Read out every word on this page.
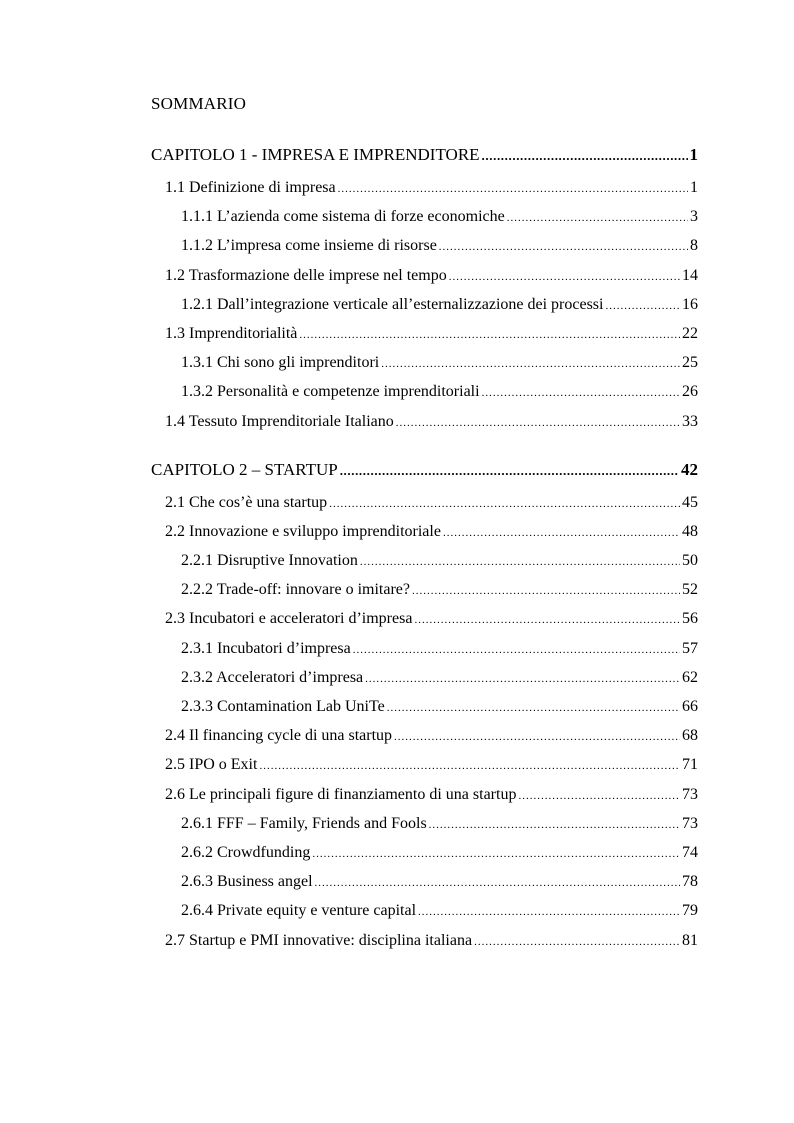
SOMMARIO
CAPITOLO 1 - IMPRESA E IMPRENDITORE .....	1
1.1 Definizione di impresa .....	1
1.1.1 L’azienda come sistema di forze economiche .....	3
1.1.2 L’impresa come insieme di risorse .....	8
1.2 Trasformazione delle imprese nel tempo .....	14
1.2.1 Dall’integrazione verticale all’esternalizzazione dei processi .....	16
1.3 Imprenditorialità .....	22
1.3.1 Chi sono gli imprenditori .....	25
1.3.2 Personalità e competenze imprenditoriali .....	26
1.4 Tessuto Imprenditoriale Italiano .....	33
CAPITOLO 2 – STARTUP .....	42
2.1 Che cos’è una startup .....	45
2.2 Innovazione e sviluppo imprenditoriale .....	48
2.2.1 Disruptive Innovation .....	50
2.2.2 Trade-off: innovare o imitare? .....	52
2.3 Incubatori e acceleratori d’impresa .....	56
2.3.1 Incubatori d’impresa .....	57
2.3.2 Acceleratori d’impresa .....	62
2.3.3 Contamination Lab UniTe .....	66
2.4 Il financing cycle di una startup .....	68
2.5 IPO o Exit .....	71
2.6 Le principali figure di finanziamento di una startup .....	73
2.6.1 FFF – Family, Friends and Fools .....	73
2.6.2 Crowdfunding .....	74
2.6.3 Business angel .....	78
2.6.4 Private equity e venture capital .....	79
2.7 Startup e PMI innovative: disciplina italiana .....	81
